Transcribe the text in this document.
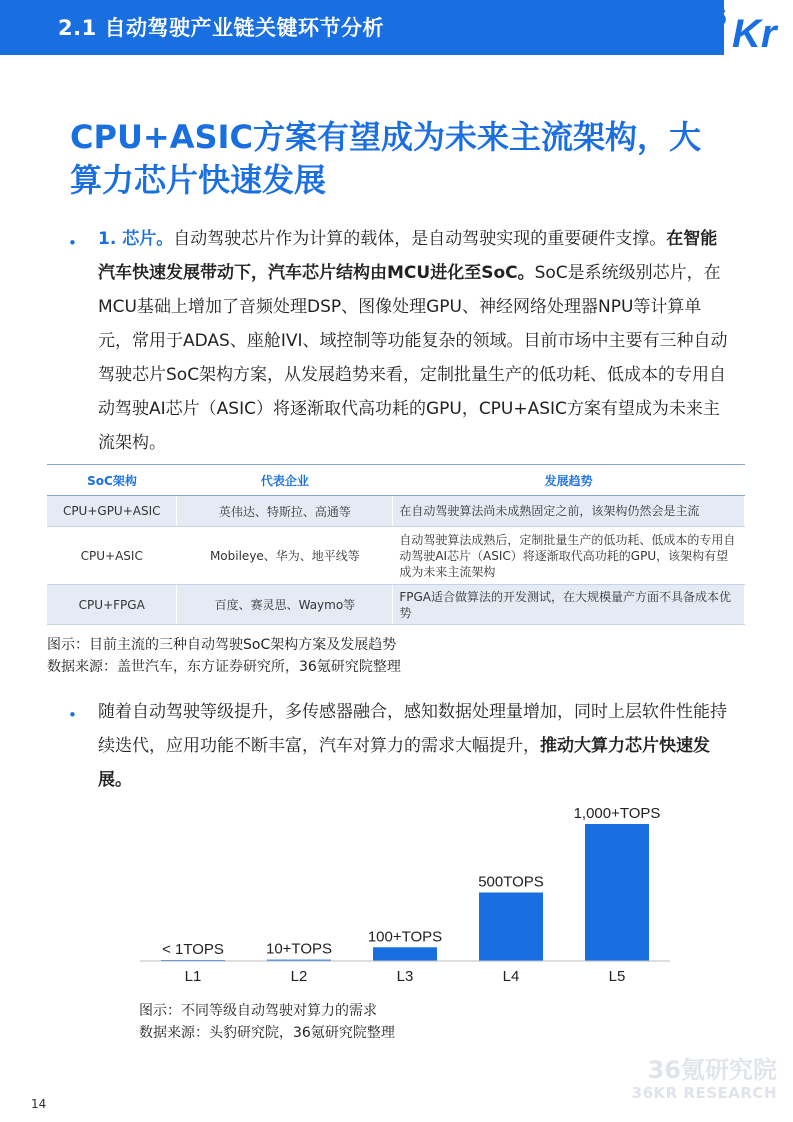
2.1 自动驾驶产业链关键环节分析	36 Kr
CPU+ASIC方案有望成为未来主流架构，大算力芯片快速发展
• 1. 芯片。自动驾驶芯片作为计算的载体，是自动驾驶实现的重要硬件支撑。在智能汽车快速发展带动下，汽车芯片结构由MCU进化至SoC。SoC是系统级别芯片，在MCU基础上增加了音频处理DSP、图像处理GPU、神经网络处理器NPU等计算单元，常用于ADAS、座舱IVI、域控制等功能复杂的领域。目前市场中主要有三种自动驾驶芯片SoC架构方案，从发展趋势来看，定制批量生产的低功耗、低成本的专用自动驾驶AI芯片（ASIC）将逐渐取代高功耗的GPU，CPU+ASIC方案有望成为未来主流架构。
SoC架构	代表企业	发展趋势
CPU+GPU+ASIC	英伟达、特斯拉、高通等	在自动驾驶算法尚未成熟固定之前，该架构仍然会是主流
CPU+ASIC	Mobileye、华为、地平线等	自动驾驶算法成熟后，定制批量生产的低功耗、低成本的专用自动驾驶AI芯片（ASIC）将逐渐取代高功耗的GPU，该架构有望成为未来主流架构
CPU+FPGA	百度、赛灵思、Waymo等	FPGA适合做算法的开发测试，在大规模量产方面不具备成本优势
图示：目前主流的三种自动驾驶SoC架构方案及发展趋势
数据来源：盖世汽车，东方证券研究所，36氪研究院整理
• 随着自动驾驶等级提升，多传感器融合，感知数据处理量增加，同时上层软件性能持续迭代，应用功能不断丰富，汽车对算力的需求大幅提升，推动大算力芯片快速发展。
< 1TOPS
L1
10+TOPS
L2
100+TOPS
L3
500TOPS
L4
1,000+TOPS
L5
图示：不同等级自动驾驶对算力的需求
数据来源：头豹研究院，36氪研究院整理
14
36氪研究院
36KR RESEARCH
